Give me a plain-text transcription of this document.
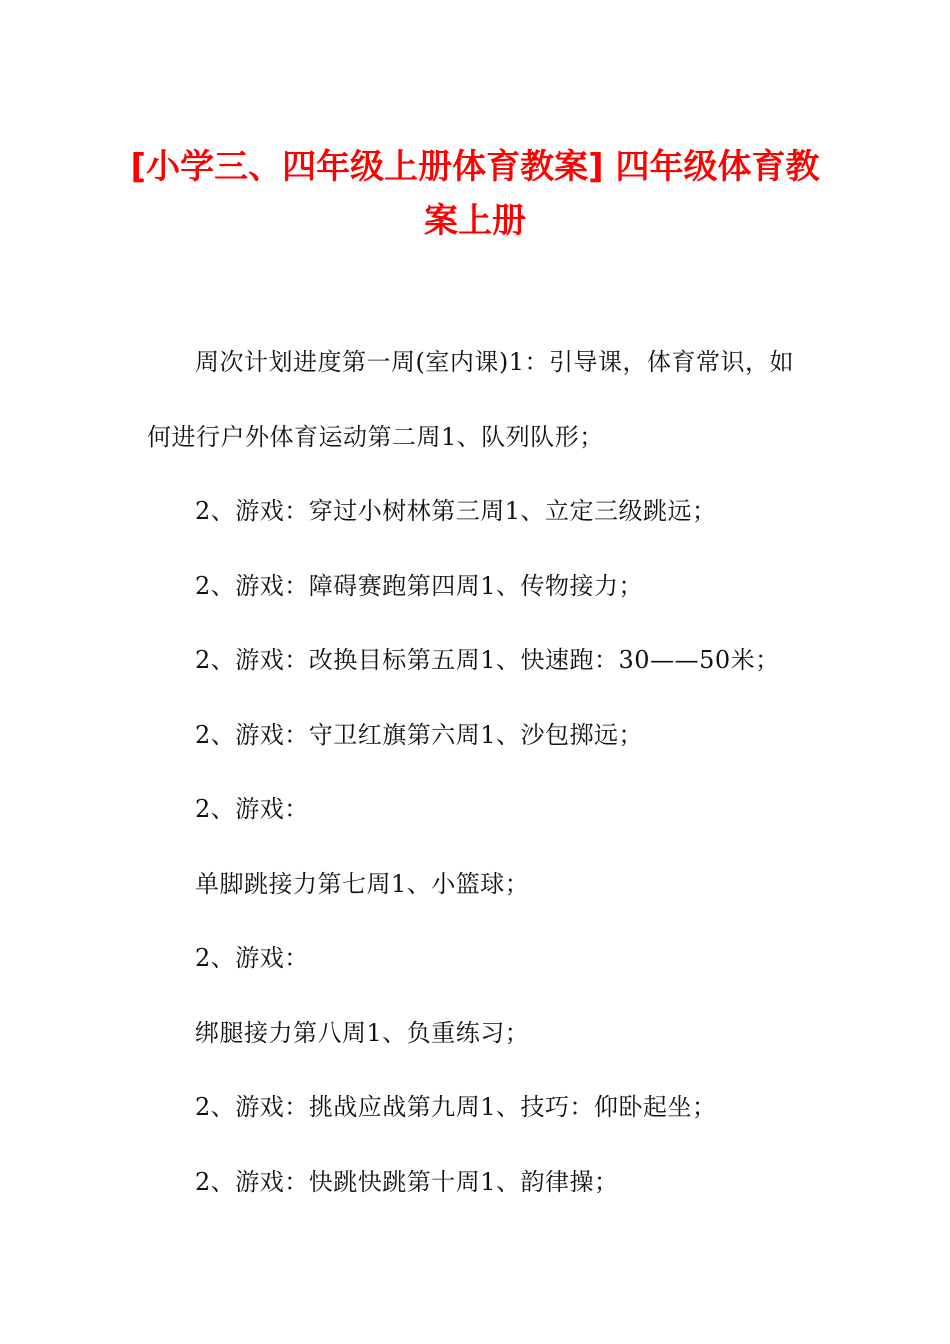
[小学三、四年级上册体育教案] 四年级体育教案上册

周次计划进度第一周(室内课)1：引导课，体育常识，如何进行户外体育运动第二周1、队列队形；

2、游戏：穿过小树林第三周1、立定三级跳远；

2、游戏：障碍赛跑第四周1、传物接力；

2、游戏：改换目标第五周1、快速跑：30——50米；

2、游戏：守卫红旗第六周1、沙包掷远；

2、游戏：

单脚跳接力第七周1、小篮球；

2、游戏：

绑腿接力第八周1、负重练习；

2、游戏：挑战应战第九周1、技巧：仰卧起坐；

2、游戏：快跳快跳第十周1、韵律操；
